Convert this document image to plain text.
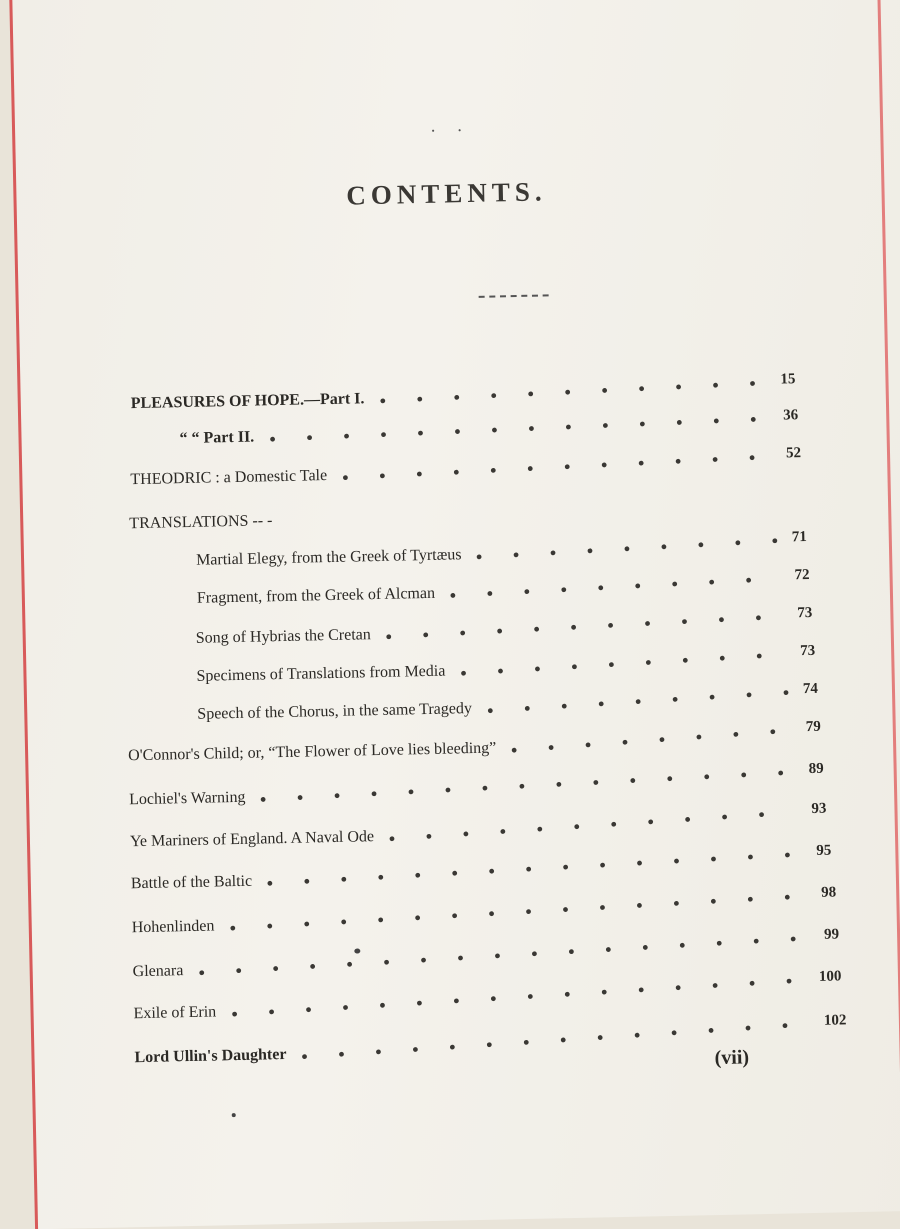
· ·
CONTENTS.
PLEASURES OF HOPE.—Part I.
15
“ “ Part II.
36
THEODRIC : a Domestic Tale
52
TRANSLATIONS -- -
Martial Elegy, from the Greek of Tyrtæus
71
Fragment, from the Greek of Alcman
72
Song of Hybrias the Cretan
73
Specimens of Translations from Media
73
Speech of the Chorus, in the same Tragedy
74
O'Connor's Child; or, “The Flower of Love lies bleeding”
79
Lochiel's Warning
89
Ye Mariners of England. A Naval Ode
93
Battle of the Baltic
95
Hohenlinden
98
Glenara
99
Exile of Erin
100
Lord Ullin's Daughter
102
(vii)
